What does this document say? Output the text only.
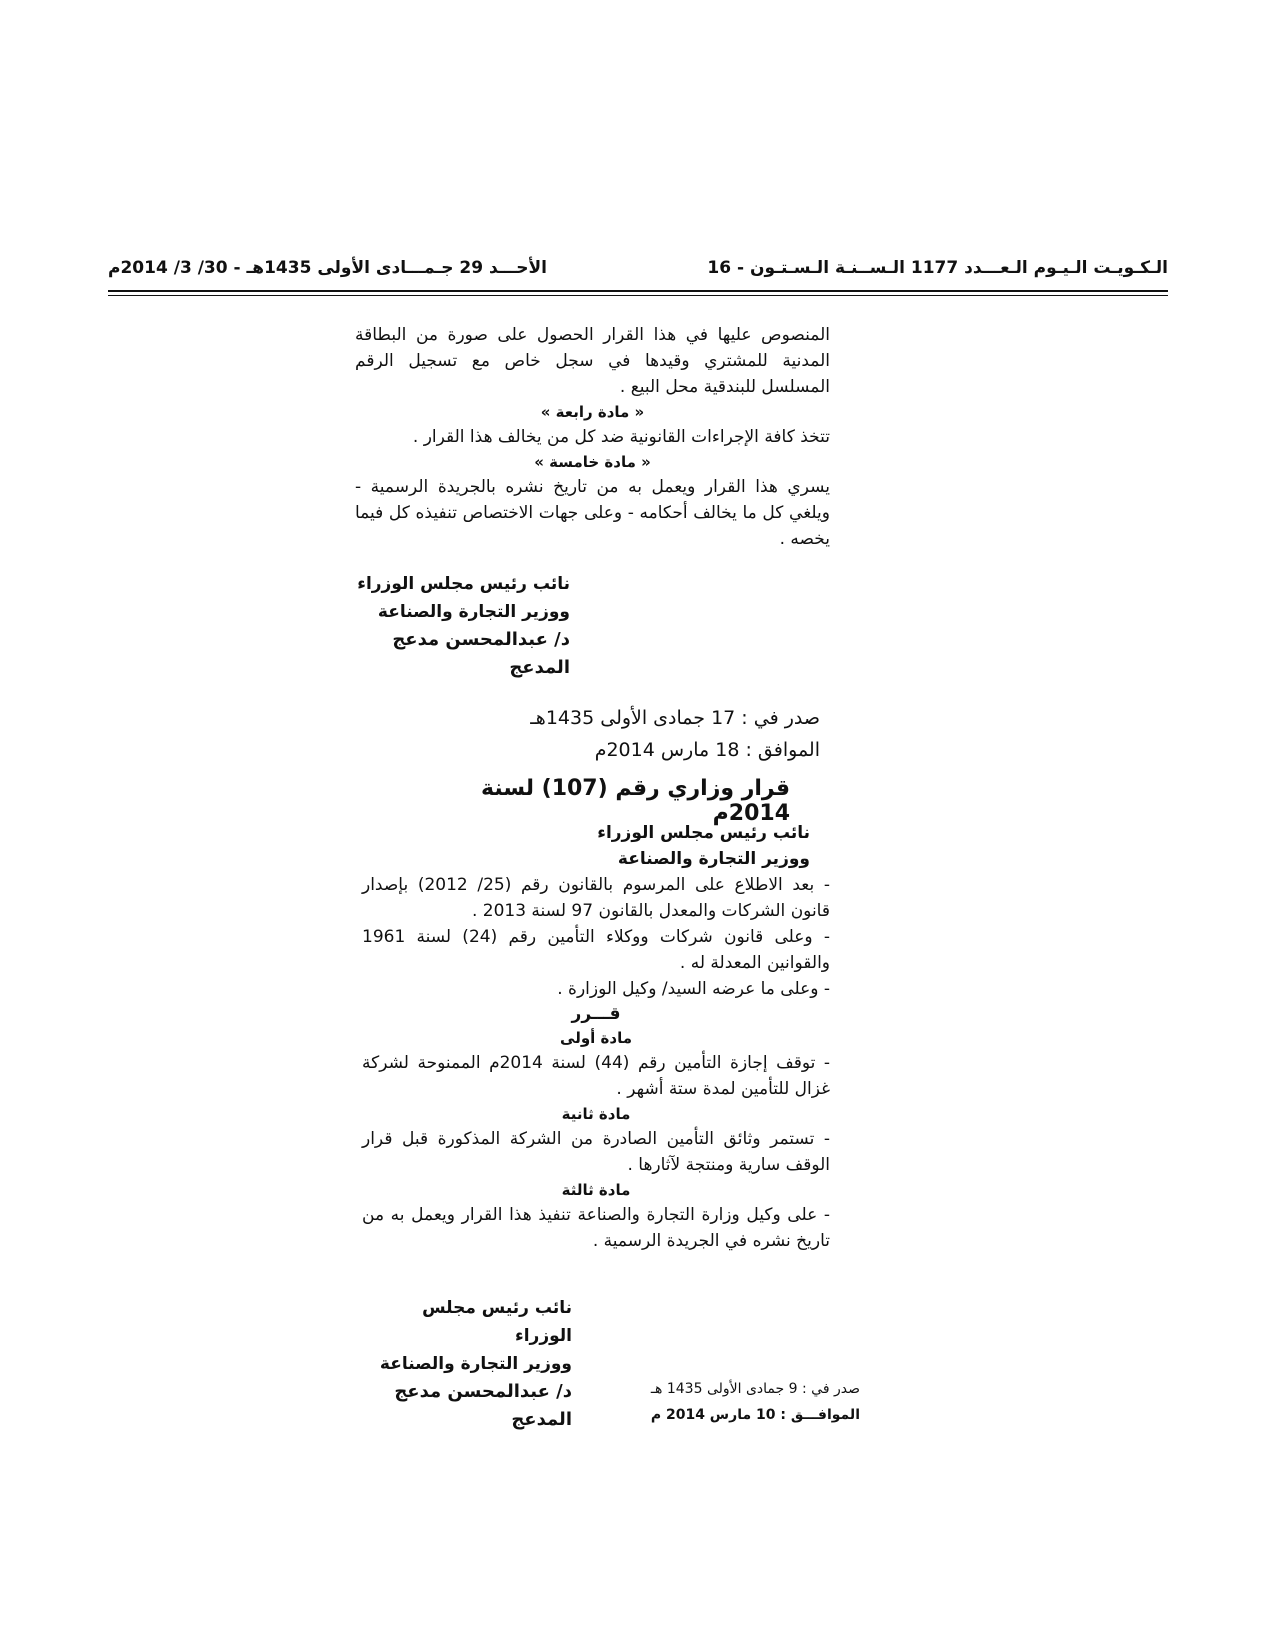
الـكـويـت الـيـوم الـعـــدد 1177 الـســنـة الـسـتـون - 16
الأحـــد 29 جـمـــادى الأولى 1435هـ - 30/ 3/ 2014م

المنصوص عليها في هذا القرار الحصول على صورة من البطاقة المدنية للمشتري وقيدها في سجل خاص مع تسجيل الرقم المسلسل للبندقية محل البيع .

« مادة رابعة »

تتخذ كافة الإجراءات القانونية ضد كل من يخالف هذا القرار .

« مادة خامسة »

يسري هذا القرار ويعمل به من تاريخ نشره بالجريدة الرسمية - ويلغي كل ما يخالف أحكامه - وعلى جهات الاختصاص تنفيذه كل فيما يخصه .

نائب رئيس مجلس الوزراء

ووزير التجارة والصناعة

د/ عبدالمحسن مدعج المدعج

صدر في : 17 جمادى الأولى 1435هـ

الموافق : 18 مارس 2014م

قرار وزاري رقم (107) لسنة 2014م

نائب رئيس مجلس الوزراء

ووزير التجارة والصناعة

- بعد الاطلاع على المرسوم بالقانون رقم (25/ 2012) بإصدار قانون الشركات والمعدل بالقانون 97 لسنة 2013 .

- وعلى قانون شركات ووكلاء التأمين رقم (24) لسنة 1961 والقوانين المعدلة له .

- وعلى ما عرضه السيد/ وكيل الوزارة .

قـــرر

مادة أولى

- توقف إجازة التأمين رقم (44) لسنة 2014م الممنوحة لشركة غزال للتأمين لمدة ستة أشهر .

مادة ثانية

- تستمر وثائق التأمين الصادرة من الشركة المذكورة قبل قرار الوقف سارية ومنتجة لآثارها .

مادة ثالثة

- على وكيل وزارة التجارة والصناعة تنفيذ هذا القرار ويعمل به من تاريخ نشره في الجريدة الرسمية .

نائب رئيس مجلس الوزراء

ووزير التجارة والصناعة

د/ عبدالمحسن مدعج المدعج

صدر في : 9 جمادى الأولى 1435 هـ

الموافـــق : 10 مارس 2014 م
